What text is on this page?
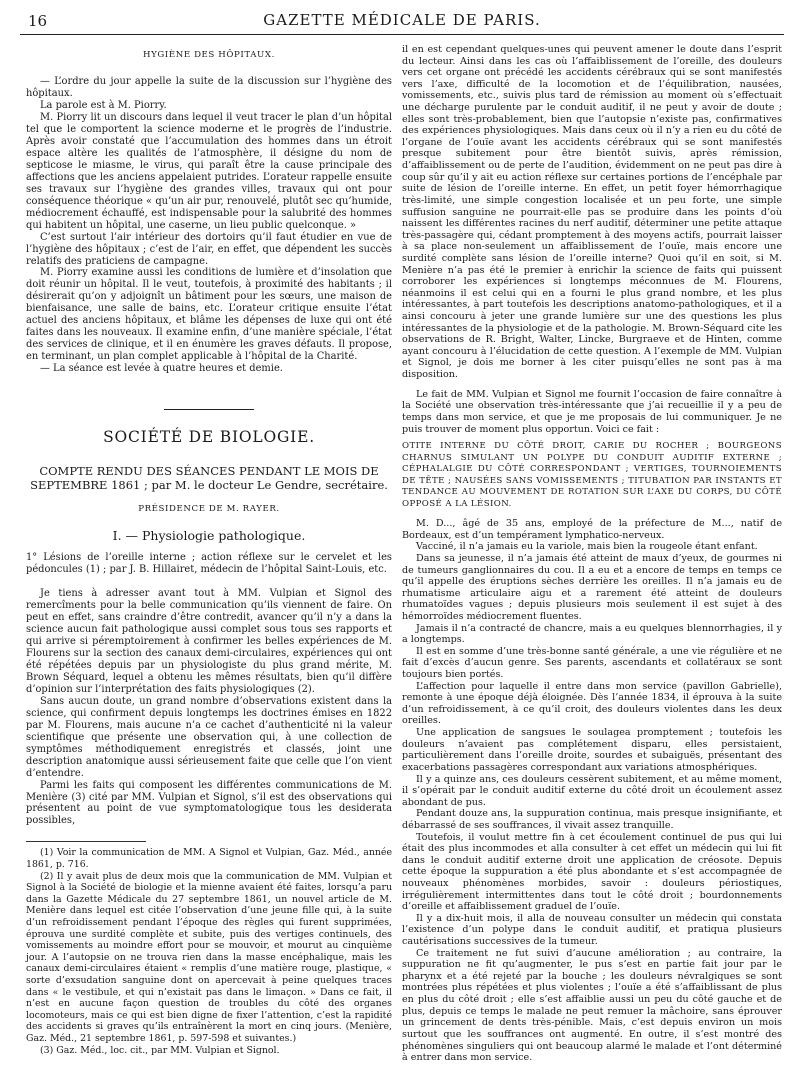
16	GAZETTE MÉDICALE DE PARIS.

HYGIÈNE DES HÔPITAUX.

— L’ordre du jour appelle la suite de la discussion sur l’hygiène des hôpitaux.

La parole est à M. Piorry.

M. Piorry lit un discours dans lequel il veut tracer le plan d’un hôpital tel que le comportent la science moderne et le progrès de l’industrie. Après avoir constaté que l’accumulation des hommes dans un étroit espace altère les qualités de l’atmosphère, il désigne du nom de septicose le miasme, le virus, qui paraît être la cause principale des affections que les anciens appelaient putrides. L’orateur rappelle ensuite ses travaux sur l’hygiène des grandes villes, travaux qui ont pour conséquence théorique « qu’un air pur, renouvelé, plutôt sec qu’humide, médiocrement échauffé, est indispensable pour la salubrité des hommes qui habitent un hôpital, une caserne, un lieu public quelconque. »

C’est surtout l’air intérieur des dortoirs qu’il faut étudier en vue de l’hygiène des hôpitaux ; c’est de l’air, en effet, que dépendent les succès relatifs des praticiens de campagne.

M. Piorry examine aussi les conditions de lumière et d’insolation que doit réunir un hôpital. Il le veut, toutefois, à proximité des habitants ; il désirerait qu’on y adjoignît un bâtiment pour les sœurs, une maison de bienfaisance, une salle de bains, etc. L’orateur critique ensuite l’état actuel des anciens hôpitaux, et blâme les dépenses de luxe qui ont été faites dans les nouveaux. Il examine enfin, d’une manière spéciale, l’état des services de clinique, et il en énumère les graves défauts. Il propose, en terminant, un plan complet applicable à l’hôpital de la Charité.

— La séance est levée à quatre heures et demie.

SOCIÉTÉ DE BIOLOGIE.

COMPTE RENDU DES SÉANCES PENDANT LE MOIS DE SEPTEMBRE 1861 ; par M. le docteur Le Gendre, secrétaire.

PRÉSIDENCE DE M. RAYER.

I. — Physiologie pathologique.

1° Lésions de l’oreille interne ; action réflexe sur le cervelet et les pédoncules (1) ; par J. B. Hillairet, médecin de l’hôpital Saint-Louis, etc.

Je tiens à adresser avant tout à MM. Vulpian et Signol des remercîments pour la belle communication qu’ils viennent de faire. On peut en effet, sans craindre d’être contredit, avancer qu’il n’y a dans la science aucun fait pathologique aussi complet sous tous ses rapports et qui arrive si péremptoirement à confirmer les belles expériences de M. Flourens sur la section des canaux demi-circulaires, expériences qui ont été répétées depuis par un physiologiste du plus grand mérite, M. Brown Séquard, lequel a obtenu les mêmes résultats, bien qu’il diffère d’opinion sur l’interprétation des faits physiologiques (2).

Sans aucun doute, un grand nombre d’observations existent dans la science, qui confirment depuis longtemps les doctrines émises en 1822 par M. Flourens, mais aucune n’a ce cachet d’authenticité ni la valeur scientifique que présente une observation qui, à une collection de symptômes méthodiquement enregistrés et classés, joint une description anatomique aussi sérieusement faite que celle que l’on vient d’entendre.

Parmi les faits qui composent les différentes communications de M. Menière (3) cité par MM. Vulpian et Signol, s’il est des observations qui présentent au point de vue symptomatologique tous les desiderata possibles,

(1) Voir la communication de MM. A Signol et Vulpian, Gaz. Méd., année 1861, p. 716.

(2) Il y avait plus de deux mois que la communication de MM. Vulpian et Signol à la Société de biologie et la mienne avaient été faites, lorsqu’a paru dans la Gazette Médicale du 27 septembre 1861, un nouvel article de M. Menière dans lequel est citée l’observation d’une jeune fille qui, à la suite d’un refroidissement pendant l’époque des règles qui furent supprimées, éprouva une surdité complète et subite, puis des vertiges continuels, des vomissements au moindre effort pour se mouvoir, et mourut au cinquième jour. A l’autopsie on ne trouva rien dans la masse encéphalique, mais les canaux demi-circulaires étaient « remplis d’une matière rouge, plastique, « sorte d’exsudation sanguine dont on apercevait à peine quelques traces dans « le vestibule, et qui n’existait pas dans le limaçon. » Dans ce fait, il n’est en aucune façon question de troubles du côté des organes locomoteurs, mais ce qui est bien digne de fixer l’attention, c’est la rapidité des accidents si graves qu’ils entraînèrent la mort en cinq jours. (Menière, Gaz. Méd., 21 septembre 1861, p. 597-598 et suivantes.)

(3) Gaz. Méd., loc. cit., par MM. Vulpian et Signol.

il en est cependant quelques-unes qui peuvent amener le doute dans l’esprit du lecteur. Ainsi dans les cas où l’affaiblissement de l’oreille, des douleurs vers cet organe ont précédé les accidents cérébraux qui se sont manifestés vers l’axe, difficulté de la locomotion et de l’équilibration, nausées, vomissements, etc., suivis plus tard de rémission au moment où s’effectuait une décharge purulente par le conduit auditif, il ne peut y avoir de doute ; elles sont très-probablement, bien que l’autopsie n’existe pas, confirmatives des expériences physiologiques. Mais dans ceux où il n’y a rien eu du côté de l’organe de l’ouïe avant les accidents cérébraux qui se sont manifestés presque subitement pour être bientôt suivis, après rémission, d’affaiblissement ou de perte de l’audition, évidemment on ne peut pas dire à coup sûr qu’il y ait eu action réflexe sur certaines portions de l’encéphale par suite de lésion de l’oreille interne. En effet, un petit foyer hémorrhagique très-limité, une simple congestion localisée et un peu forte, une simple suffusion sanguine ne pourrait-elle pas se produire dans les points d’où naissent les différentes racines du nerf auditif, déterminer une petite attaque très-passagère qui, cédant promptement à des moyens actifs, pourrait laisser à sa place non-seulement un affaiblissement de l’ouïe, mais encore une surdité complète sans lésion de l’oreille interne? Quoi qu’il en soit, si M. Menière n’a pas été le premier à enrichir la science de faits qui puissent corroborer les expériences si longtemps méconnues de M. Flourens, néanmoins il est celui qui en a fourni le plus grand nombre, et les plus intéressantes, à part toutefois les descriptions anatomo-pathologiques, et il a ainsi concouru à jeter une grande lumière sur une des questions les plus intéressantes de la physiologie et de la pathologie. M. Brown-Séquard cite les observations de R. Bright, Walter, Lincke, Burgraeve et de Hinten, comme ayant concouru à l’élucidation de cette question. A l’exemple de MM. Vulpian et Signol, je dois me borner à les citer puisqu’elles ne sont pas à ma disposition.

Le fait de MM. Vulpian et Signol me fournit l’occasion de faire connaître à la Société une observation très-intéressante que j’ai recueillie il y a peu de temps dans mon service, et que je me proposais de lui communiquer. Je ne puis trouver de moment plus opportun. Voici ce fait :

OTITE INTERNE DU CÔTÉ DROIT, CARIE DU ROCHER ; BOURGEONS CHARNUS SIMULANT UN POLYPE DU CONDUIT AUDITIF EXTERNE ; CÉPHALALGIE DU CÔTÉ CORRESPONDANT ; VERTIGES, TOURNOIEMENTS DE TÊTE ; NAUSÉES SANS VOMISSEMENTS ; TITUBATION PAR INSTANTS ET TENDANCE AU MOUVEMENT DE ROTATION SUR L’AXE DU CORPS, DU CÔTÉ OPPOSÉ A LA LÉSION.

M. D..., âgé de 35 ans, employé de la préfecture de M..., natif de Bordeaux, est d’un tempérament lymphatico-nerveux.

Vacciné, il n’a jamais eu la variole, mais bien la rougeole étant enfant.

Dans sa jeunesse, il n’a jamais été atteint de maux d’yeux, de gourmes ni de tumeurs ganglionnaires du cou. Il a eu et a encore de temps en temps ce qu’il appelle des éruptions sèches derrière les oreilles. Il n’a jamais eu de rhumatisme articulaire aigu et a rarement été atteint de douleurs rhumatoïdes vagues ; depuis plusieurs mois seulement il est sujet à des hémorroïdes médiocrement fluentes.

Jamais il n’a contracté de chancre, mais a eu quelques blennorrhagies, il y a longtemps.

Il est en somme d’une très-bonne santé générale, a une vie régulière et ne fait d’excès d’aucun genre. Ses parents, ascendants et collatéraux se sont toujours bien portés.

L’affection pour laquelle il entre dans mon service (pavillon Gabrielle), remonte à une époque déjà éloignée. Dès l’année 1834, il éprouva à la suite d’un refroidissement, à ce qu’il croit, des douleurs violentes dans les deux oreilles.

Une application de sangsues le soulagea promptement ; toutefois les douleurs n’avaient pas complétement disparu, elles persistaient, particulièrement dans l’oreille droite, sourdes et subaiguës, présentant des exacerbations passagères correspondant aux variations atmosphériques.

Il y a quinze ans, ces douleurs cessèrent subitement, et au même moment, il s’opérait par le conduit auditif externe du côté droit un écoulement assez abondant de pus.

Pendant douze ans, la suppuration continua, mais presque insignifiante, et débarrassé de ses souffrances, il vivait assez tranquille.

Toutefois, il voulut mettre fin à cet écoulement continuel de pus qui lui était des plus incommodes et alla consulter à cet effet un médecin qui lui fit dans le conduit auditif externe droit une application de créosote. Depuis cette époque la suppuration a été plus abondante et s’est accompagnée de nouveaux phénomènes morbides, savoir : douleurs périostiques, irrégulièrement intermittentes dans tout le côté droit ; bourdonnements d’oreille et affaiblissement graduel de l’ouïe.

Il y a dix-huit mois, il alla de nouveau consulter un médecin qui constata l’existence d’un polype dans le conduit auditif, et pratiqua plusieurs cautérisations successives de la tumeur.

Ce traitement ne fut suivi d’aucune amélioration ; au contraire, la suppuration ne fit qu’augmenter, le pus s’est en partie fait jour par le pharynx et a été rejeté par la bouche ; les douleurs névralgiques se sont montrées plus répétées et plus violentes ; l’ouïe a été s’affaiblissant de plus en plus du côté droit ; elle s’est affaiblie aussi un peu du côté gauche et de plus, depuis ce temps le malade ne peut remuer la mâchoire, sans éprouver un grincement de dents très-pénible. Mais, c’est depuis environ un mois surtout que les souffrances ont augmenté. En outre, il s’est montré des phénomènes singuliers qui ont beaucoup alarmé le malade et l’ont déterminé à entrer dans mon service.
